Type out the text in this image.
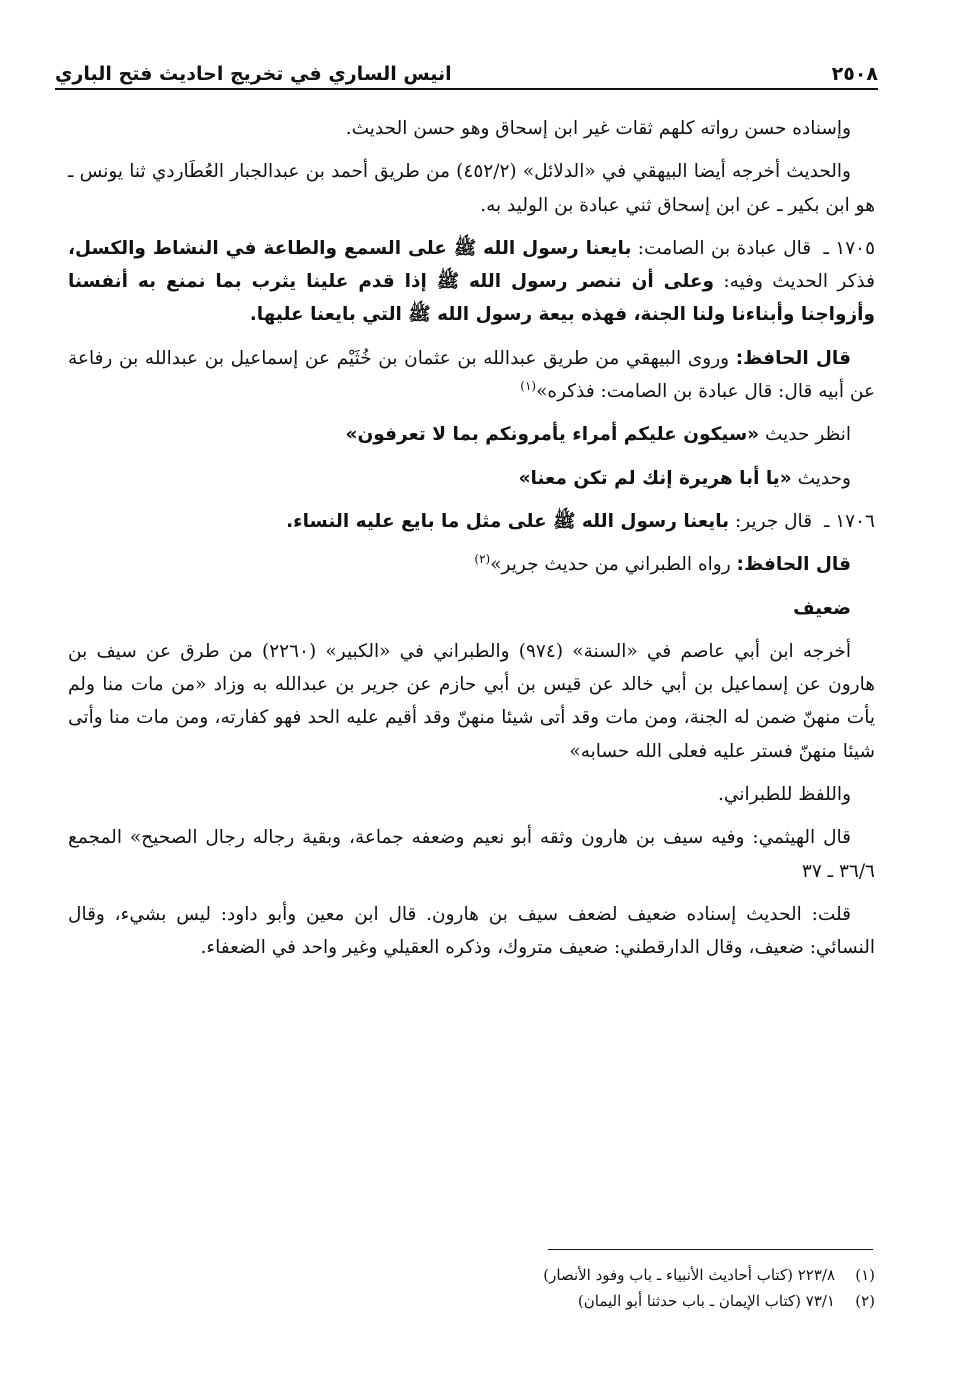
٢٥٠٨
انيس الساري في تخريج احاديث فتح الباري

وإسناده حسن رواته كلهم ثقات غير ابن إسحاق وهو حسن الحديث.

والحديث أخرجه أيضا البيهقي في «الدلائل» (٤٥٢/٢) من طريق أحمد بن عبدالجبار العُطَاردي ثنا يونس ـ هو ابن بكير ـ عن ابن إسحاق ثني عبادة بن الوليد به.

١٧٠٥ ـ قال عبادة بن الصامت: بايعنا رسول الله ﷺ على السمع والطاعة في النشاط والكسل، فذكر الحديث وفيه: وعلى أن ننصر رسول الله ﷺ إذا قدم علينا يثرب بما نمنع به أنفسنا وأزواجنا وأبناءنا ولنا الجنة، فهذه بيعة رسول الله ﷺ التي بايعنا عليها.

قال الحافظ: وروى البيهقي من طريق عبدالله بن عثمان بن خُثَيْم عن إسماعيل بن عبدالله بن رفاعة عن أبيه قال: قال عبادة بن الصامت: فذكره»$^{(١)}$

انظر حديث «سيكون عليكم أمراء يأمرونكم بما لا تعرفون»

وحديث «يا أبا هريرة إنك لم تكن معنا»

١٧٠٦ ـ قال جرير: بايعنا رسول الله ﷺ على مثل ما بايع عليه النساء.

قال الحافظ: رواه الطبراني من حديث جرير»$^{(٢)}$

ضعيف

أخرجه ابن أبي عاصم في «السنة» (٩٧٤) والطبراني في «الكبير» (٢٢٦٠) من طرق عن سيف بن هارون عن إسماعيل بن أبي خالد عن قيس بن أبي حازم عن جرير بن عبدالله به وزاد «من مات منا ولم يأت منهنّ ضمن له الجنة، ومن مات وقد أتى شيئا منهنّ وقد أقيم عليه الحد فهو كفارته، ومن مات منا وأتى شيئا منهنّ فستر عليه فعلى الله حسابه»

واللفظ للطبراني.

قال الهيثمي: وفيه سيف بن هارون وثقه أبو نعيم وضعفه جماعة، وبقية رجاله رجال الصحيح» المجمع ٣٦/٦ ـ ٣٧

قلت: الحديث إسناده ضعيف لضعف سيف بن هارون. قال ابن معين وأبو داود: ليس بشيء، وقال النسائي: ضعيف، وقال الدارقطني: ضعيف متروك، وذكره العقيلي وغير واحد في الضعفاء.

(١)
٢٢٣/٨ (كتاب أحاديث الأنبياء ـ باب وفود الأنصار)
(٢)
٧٣/١ (كتاب الإيمان ـ باب حدثنا أبو اليمان)
